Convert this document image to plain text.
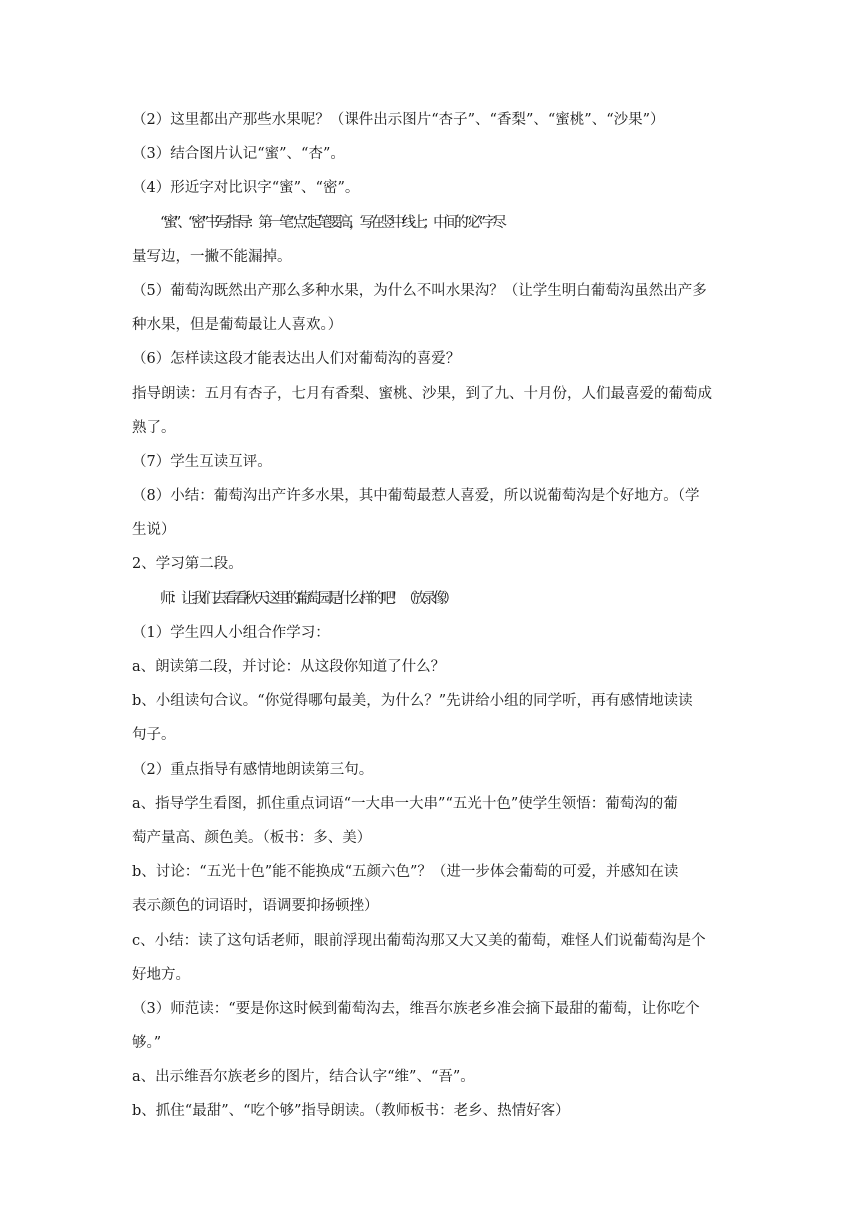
（2）这里都出产那些水果呢？（课件出示图片“杏子”、“香梨”、“蜜桃”、“沙果”）
（3）结合图片认记“蜜”、“杏”。
（4）形近字对比识字“蜜”、“密”。
“蜜”、“密” 书写指导：第一笔“点”起笔要高，写在竖中线上；中间的“必”字尽
量写边，一撇不能漏掉。
（5）葡萄沟既然出产那么多种水果，为什么不叫水果沟？（让学生明白葡萄沟虽然出产多
种水果，但是葡萄最让人喜欢。）
（6）怎样读这段才能表达出人们对葡萄沟的喜爱？
指导朗读：五月有杏子，七月有香梨、蜜桃、沙果，到了九、十月份，人们最喜爱的葡萄成
熟了。
（7）学生互读互评。
（8）小结：葡萄沟出产许多水果，其中葡萄最惹人喜爱，所以说葡萄沟是个好地方。（学
生说）
2、学习第二段。
师：让我们去看看秋天这里的葡萄园是什么样的吧！（放录像）
（1）学生四人小组合作学习：
a、朗读第二段，并讨论：从这段你知道了什么？
b、小组读句合议。“你觉得哪句最美，为什么？”先讲给小组的同学听，再有感情地读读
句子。
（2）重点指导有感情地朗读第三句。
a、指导学生看图，抓住重点词语“一大串一大串”“五光十色”使学生领悟：葡萄沟的葡
萄产量高、颜色美。（板书：多、美）
b、讨论：“五光十色”能不能换成“五颜六色”？（进一步体会葡萄的可爱，并感知在读
表示颜色的词语时，语调要抑扬顿挫）
c、小结：读了这句话老师，眼前浮现出葡萄沟那又大又美的葡萄，难怪人们说葡萄沟是个
好地方。
（3）师范读：“要是你这时候到葡萄沟去，维吾尔族老乡准会摘下最甜的葡萄，让你吃个
够。”
a、出示维吾尔族老乡的图片，结合认字“维”、“吾”。
b、抓住“最甜”、“吃个够”指导朗读。（教师板书：老乡、热情好客）
